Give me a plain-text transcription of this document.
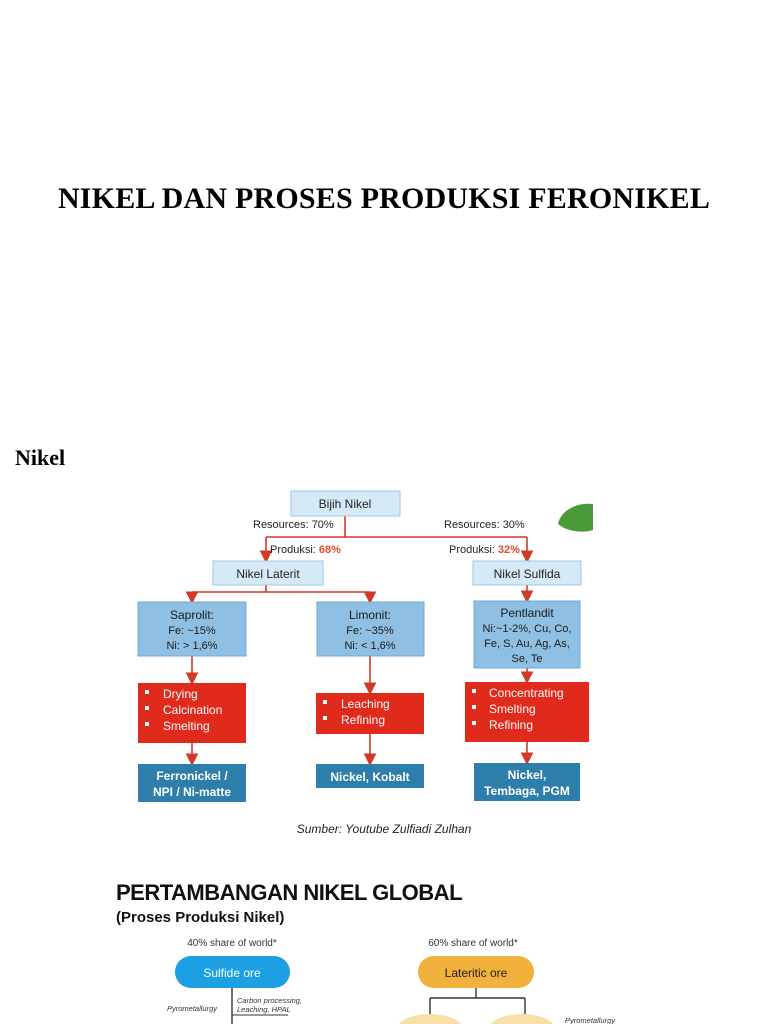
NIKEL DAN PROSES PRODUKSI FERONIKEL
Nikel
Bijih Nikel
Resources: 70%
Produksi: 68%
Resources: 30%
Produksi: 32%
Nikel Laterit	Nikel Sulfida
Saprolit:
Fe: ~15%
Ni: > 1,6%
Limonit:
Fe: ~35%
Ni: < 1,6%
Pentlandit
Ni:~1-2%, Cu, Co,
Fe, S, Au, Ag, As,
Se, Te
Drying
Calcination
Smelting
Leaching
Refining
Concentrating
Smelting
Refining
Ferronickel /
NPI / Ni-matte
Nickel, Kobalt	Nickel,
Tembaga, PGM
Sumber: Youtube Zulfiadi Zulhan
PERTAMBANGAN NIKEL GLOBAL
(Proses Produksi Nikel)
40% share of world*	60% share of world*
Sulfide ore	Lateritic ore
Pyrometallurgy
Carbon processing,
Leaching, HPAL
Pyrometallurgy
